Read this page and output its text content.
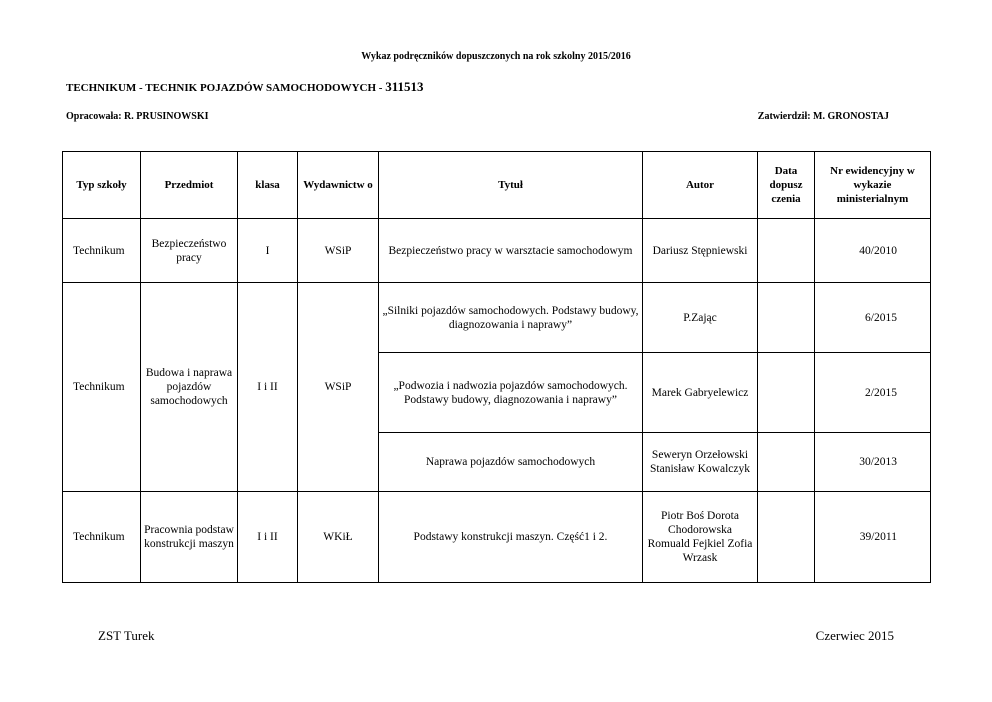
Wykaz podręczników dopuszczonych na rok szkolny 2015/2016
TECHNIKUM - TECHNIK POJAZDÓW SAMOCHODOWYCH - 311513
Opracowała: R. PRUSINOWSKI	Zatwierdził: M. GRONOSTAJ
Typ szkoły	Przedmiot	klasa	Wydawnictw o	Tytuł	Autor	Data dopusz czenia	Nr ewidencyjny w wykazie ministerialnym
Technikum	Bezpieczeństwo pracy	I	WSiP	Bezpieczeństwo pracy w warsztacie samochodowym	Dariusz Stępniewski		40/2010
Technikum	Budowa i naprawa pojazdów samochodowych	I i II	WSiP	„Silniki pojazdów samochodowych. Podstawy budowy, diagnozowania i naprawy”	P.Zając		6/2015
				„Podwozia i nadwozia pojazdów samochodowych. Podstawy budowy, diagnozowania i naprawy”	Marek Gabryelewicz		2/2015
				Naprawa pojazdów samochodowych	Seweryn Orzełowski Stanisław Kowalczyk		30/2013
Technikum	Pracownia podstaw konstrukcji maszyn	I i II	WKiŁ	Podstawy konstrukcji maszyn. Część1 i 2.	Piotr Boś Dorota Chodorowska Romuald Fejkiel Zofia Wrzask		39/2011
ZST Turek	Czerwiec 2015
